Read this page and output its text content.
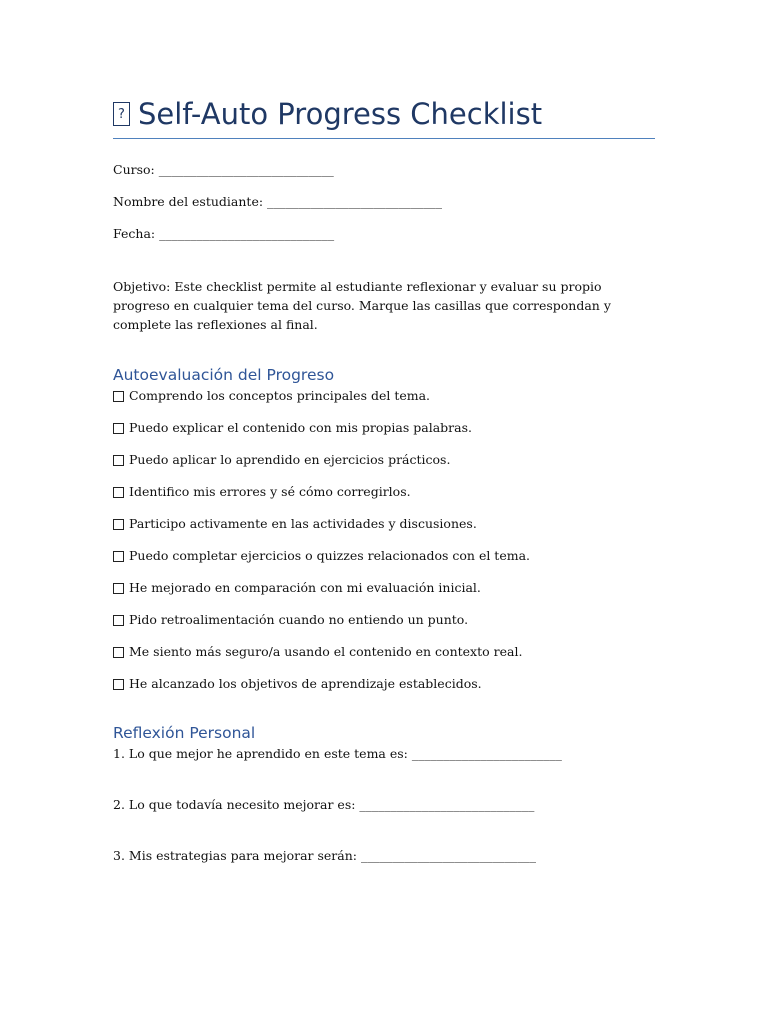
? Self-Auto Progress Checklist
Curso: ____________________________
Nombre del estudiante: ____________________________
Fecha: ____________________________
Objetivo: Este checklist permite al estudiante reflexionar y evaluar su propio progreso en cualquier tema del curso. Marque las casillas que correspondan y complete las reflexiones al final.
Autoevaluación del Progreso
Comprendo los conceptos principales del tema.
Puedo explicar el contenido con mis propias palabras.
Puedo aplicar lo aprendido en ejercicios prácticos.
Identifico mis errores y sé cómo corregirlos.
Participo activamente en las actividades y discusiones.
Puedo completar ejercicios o quizzes relacionados con el tema.
He mejorado en comparación con mi evaluación inicial.
Pido retroalimentación cuando no entiendo un punto.
Me siento más seguro/a usando el contenido en contexto real.
He alcanzado los objetivos de aprendizaje establecidos.
Reflexión Personal
1. Lo que mejor he aprendido en este tema es: ________________________
2. Lo que todavía necesito mejorar es: ____________________________
3. Mis estrategias para mejorar serán: ____________________________
